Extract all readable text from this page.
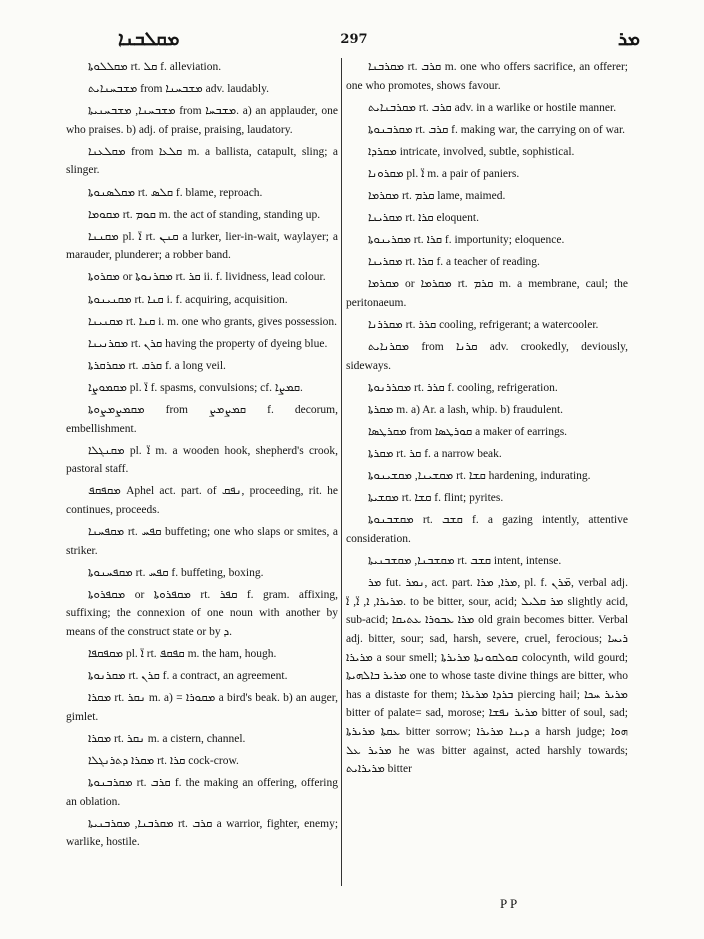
ܡܩܠܒܢܐ	297	ܡܪ

ܡܩܠܠܘܬܐ rt. ܩܠ f. alleviation.

ܡܫܒܚܢܐܝܬ from ܡܫܒܚܢܐ adv. laudably.

ܡܫܒܚܢܐ, ܡܫܒܚܢܝܬܐ from ܡܫܒܚܐ. a) an applauder, one who praises. b) adj. of praise, praising, laudatory.

ܡܩܠܥܢܐ from ܩܠܥܐ m. a ballista, catapult, sling; a slinger.

ܡܩܠܣܢܘܬܐ rt. ܩܠܣ f. blame, reproach.

ܡܩܘܡܐ rt. ܩܘܡ m. the act of standing, standing up.

ܡܩܢܢܐ pl. ܐ̈ rt. ܩܢܢ a lurker, lier-in-wait, waylayer; a marauder, plunderer; a robber band.

ܡܩܪܘܬܐ or ܡܩܪܢܘܬܐ rt. ܩܪ ii. f. lividness, lead colour.

ܡܩܢܝܢܘܬܐ rt. ܩܢܐ i. f. acquiring, acquisition.

ܡܩܢܝܢܐ rt. ܩܢܐ i. m. one who grants, gives possession.

ܡܩܪܢܝܢܐ rt. ܩܪܢ having the property of dyeing blue.

ܡܩܪܩܪܬܐ rt. ܩܪܩ f. a long veil.

ܡܩܡܘܨܐ pl. ܐ̈ f. spasms, convulsions; cf. ܩܡܨܐ.

ܡܩܡܨܡܨܘܬܐ from ܩܡܨܡܨ f. decorum, embellishment.

ܡܩܢܓܠܐ pl. ܐ̈ m. a wooden hook, shepherd's crook, pastoral staff.

ܡܩܦܩܦ Aphel act. part. of ܢܦܩ, proceeding, rit. he continues, proceeds.

ܡܩܦܚܢܐ rt. ܩܦܚ buffeting; one who slaps or smites, a striker.

ܡܩܦܚܢܘܬܐ rt. ܩܦܚ f. buffeting, boxing.

ܡܩܦܪܘܬܐ or ܡܩܦܪܘܬܐ rt. ܩܦܪ f. gram. affixing, suffixing; the connexion of one noun with another by means of the construct state or by ܕ.

ܡܩܦܩܦܐ pl. ܐ̈ rt. ܩܦܩܦ m. the ham, hough.

ܡܩܪܢܘܬܐ rt. ܩܪܢ f. a contract, an agreement.

ܡܩܪܐ rt. ܢܩܪ m. a) = ܡܩܘܪܐ a bird's beak. b) an auger, gimlet.

ܡܩܪܐ rt. ܢܩܪ m. a cistern, channel.

ܡܩܪܐ ܕܬܪܢܓܠܐ rt. ܩܪܐ cock-crow.

ܡܩܪܒܢܘܬܐ rt. ܩܪܒ f. the making an offering, offering an oblation.

ܡܩܪܒܢܐ, ܡܩܪܒܢܝܬܐ rt. ܩܪܒ a warrior, fighter, enemy; warlike, hostile.

ܡܩܪܒܢܐ rt. ܩܪܒ m. one who offers sacrifice, an offerer; one who promotes, shows favour.

ܡܩܪܒܢܐܝܬ rt. ܩܪܒ adv. in a warlike or hostile manner.

ܡܩܪܒܢܘܬܐ rt. ܩܪܒ f. making war, the carrying on of war.

ܡܩܪܕܐ intricate, involved, subtle, sophistical.

ܡܩܪܘܢܐ pl. ܐ̈ m. a pair of paniers.

ܡܩܪܡܐ rt. ܩܪܡ lame, maimed.

ܡܩܪܝܢܐ rt. ܩܪܐ eloquent.

ܡܩܪܝܢܘܬܐ rt. ܩܪܐ f. importunity; eloquence.

ܡܩܪܝܢܐ rt. ܩܪܐ f. a teacher of reading.

ܡܩܪܡܐ or ܡܩܪܡܐ rt. ܩܪܡ m. a membrane, caul; the peritonaeum.

ܡܩܪܪܢܐ rt. ܩܪܪ cooling, refrigerant; a watercooler.

ܡܩܪܢܐܝܬ from ܩܪܢܐ adv. crookedly, deviously, sideways.

ܡܩܪܪܢܘܬܐ rt. ܩܪܪ f. cooling, refrigeration.

ܡܩܪܬܐ m. a) Ar. a lash, whip. b) fraudulent.

ܡܩܪܛܣܐ from ܩܘܪܛܣܐ a maker of earrings.

ܡܩܪܬܐ rt. ܩܪ f. a narrow beak.

ܡܩܫܝܢܐ, ܡܩܫܝܢܘܬܐ rt. ܩܫܐ hardening, indurating.

ܡܩܫܝܬܐ rt. ܩܫܐ f. flint; pyrites.

ܡܩܫܒܢܘܬܐ rt. ܩܫܒ f. a gazing intently, attentive consideration.

ܡܩܫܒܢܐ, ܡܩܫܒܢܝܬܐ rt. ܩܫܒ intent, intense.

ܡܪ fut. ܢܡܪ, act. part. ܡܪܐ, ܡܪܐ, pl. f. ܡ̈ܪܢ, verbal adj. ܡܪܝܪܐ, ܐ, ܐ̈, ܐ̈. to be bitter, sour, acid; ܡܪ ܩܠܝܠ slightly acid, sub-acid; ܡܪܐ ܥܒܘܪܐ ܥܬܝܩܐ old grain becomes bitter. Verbal adj. bitter, sour; sad, harsh, severe, cruel, ferocious; ܪܝܚܐ ܡܪܝܪܐ a sour smell; ܩܘܠܩܘܢܬܐ ܡܪܝܪܬܐ colocynth, wild gourd; ܡܪܝܪ ܒܐܠܗܝܬܐ one to whose taste divine things are bitter, who has a distaste for them; ܒܪܕܐ ܡܪܝܪܐ piercing hail; ܡܪܝܪ ܚܟܐ bitter of palate= sad, morose; ܡܪܝܪ ܢܦܫܐ bitter of soul, sad; ܥܩܬܐ ܡܪܝܪܬܐ bitter sorrow; ܕܝܢܐ ܡܪܝܪܐ a harsh judge; ܗܘܐ ܡܪܝܪ ܥܠ he was bitter against, acted harshly towards; ܡܪܝܪܐܝܬ bitter

P P
